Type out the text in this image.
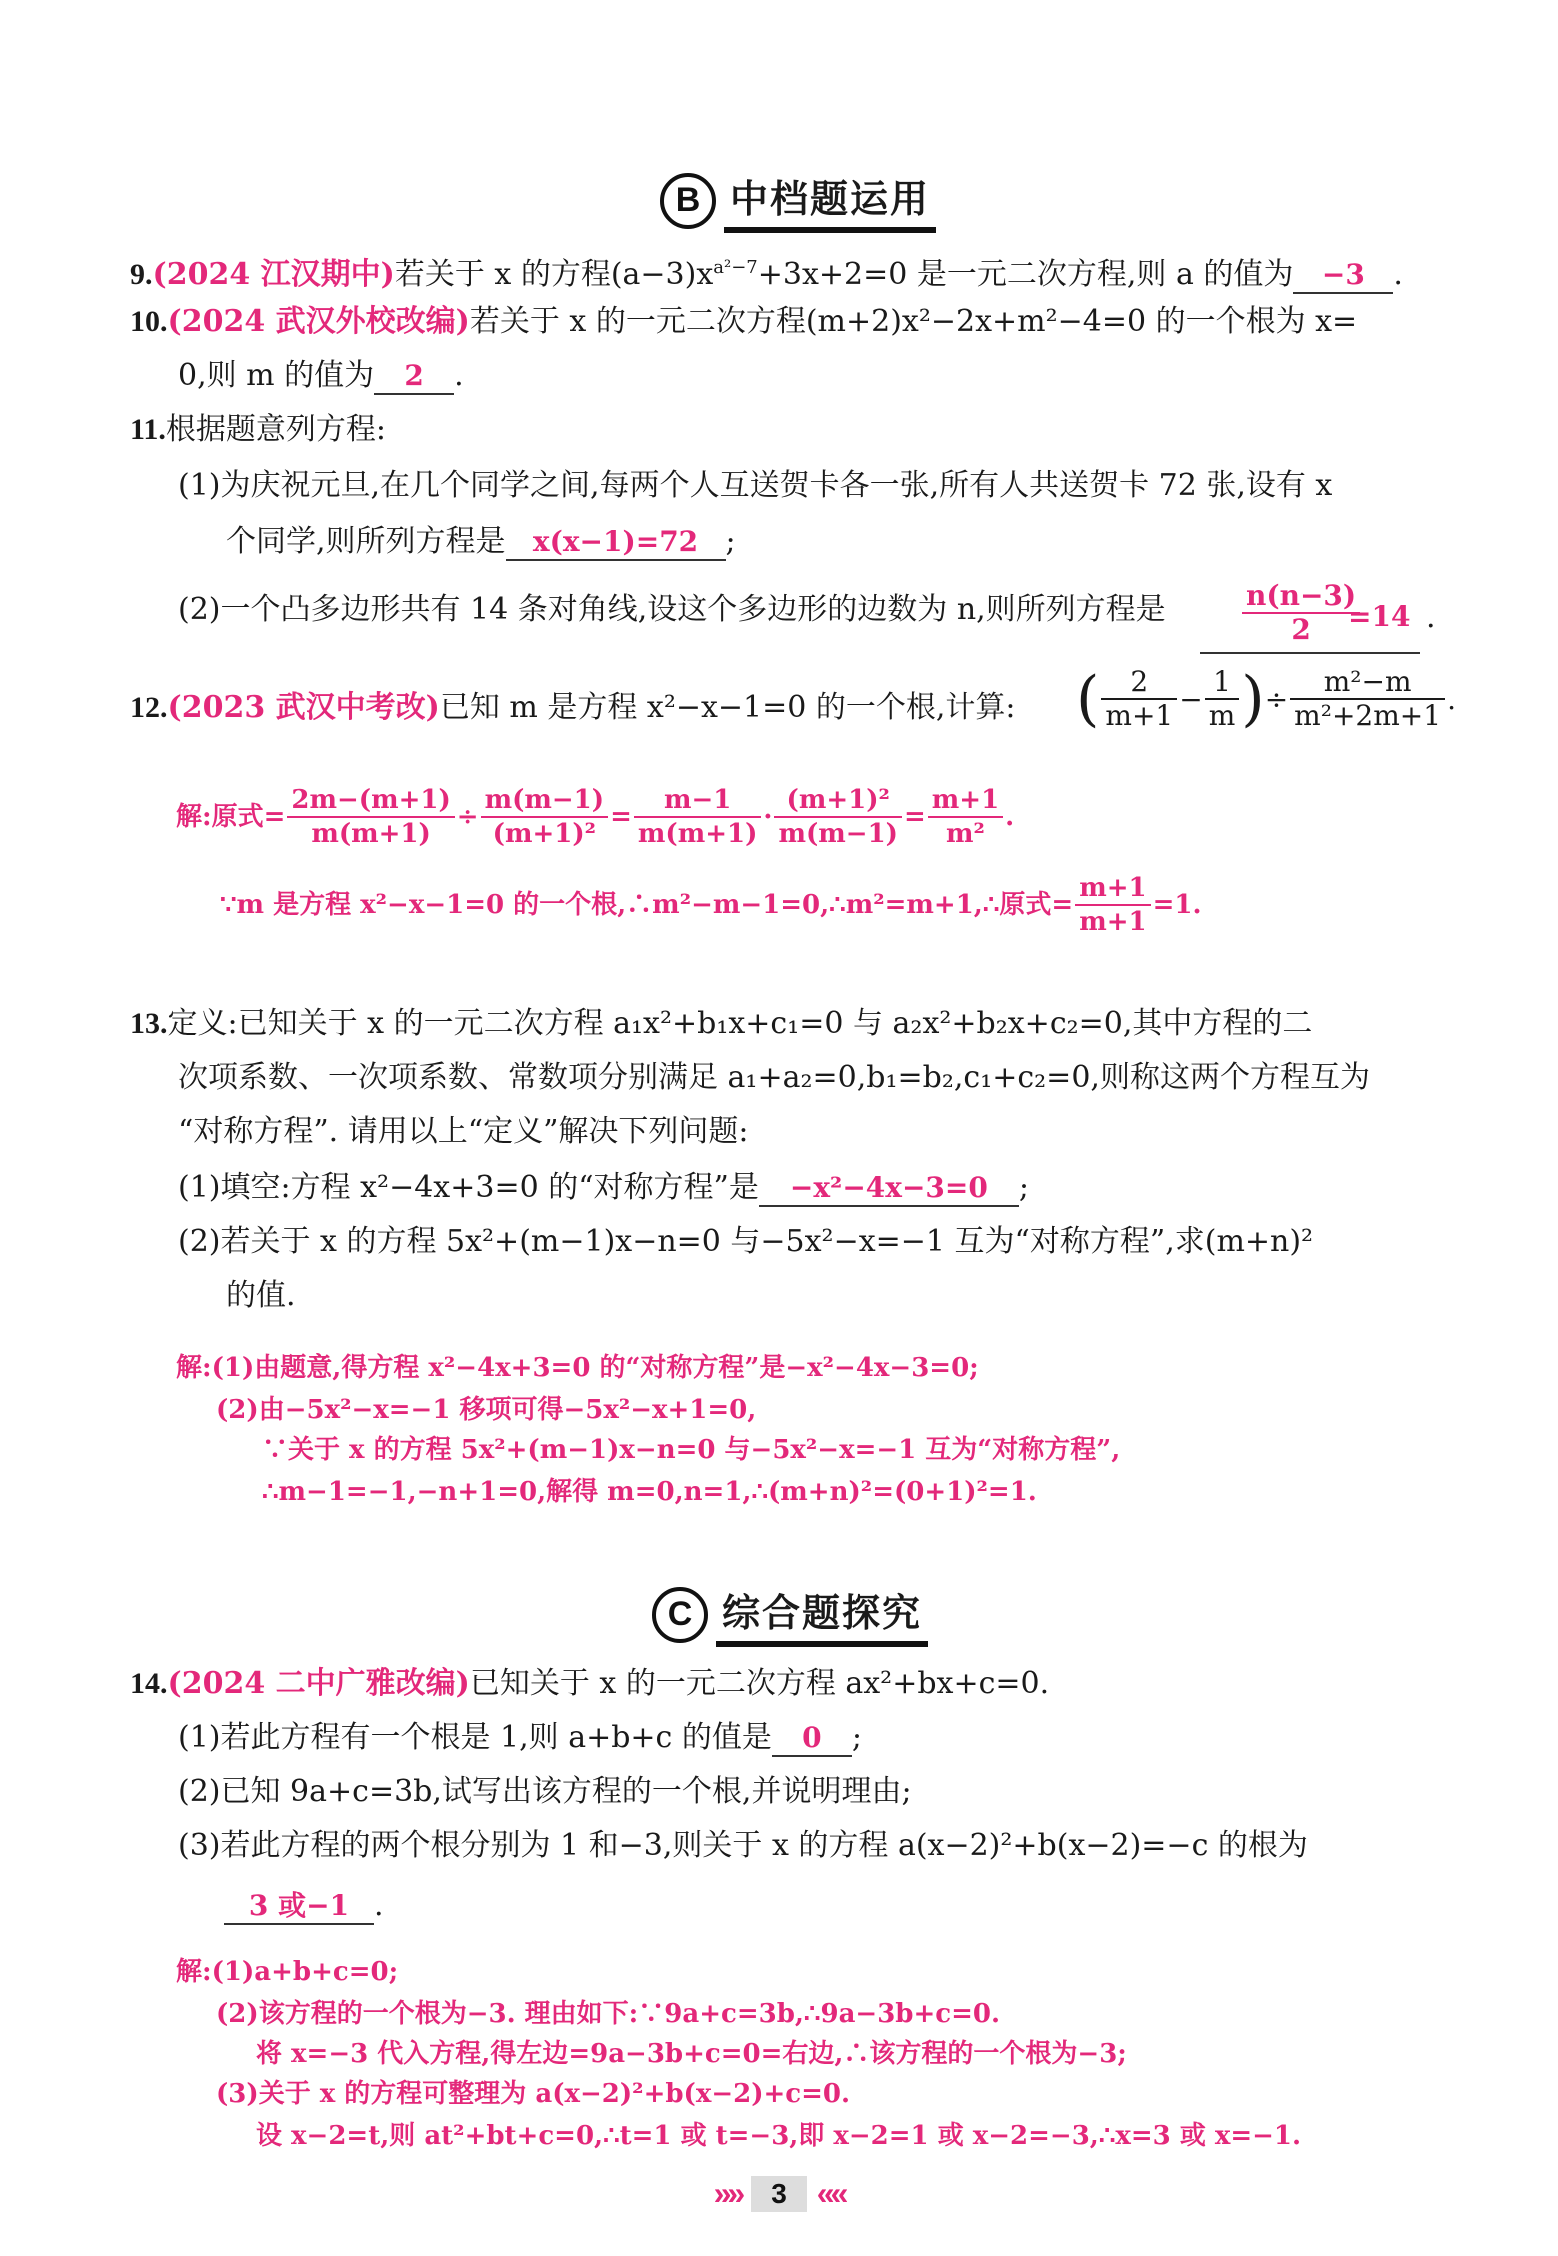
B 中档题运用
9.(2024 江汉期中)若关于 x 的方程$(a-3)x^{a^2-7}+3x+2=0$ 是一元二次方程,则 a 的值为 −3 .
10.(2024 武汉外校改编)若关于 x 的一元二次方程(m+2)x²−2x+m²−4=0 的一个根为 x=
0,则 m 的值为 2 .
11.根据题意列方程:
(1)为庆祝元旦,在几个同学之间,每两个人互送贺卡各一张,所有人共送贺卡 72 张,设有 x
个同学,则所列方程是 x(x−1)=72 ;
(2)一个凸多边形共有 14 条对角线,设这个多边形的边数为 n,则所列方程是	$\frac{n(n-3)}{2}$
=14 .
12.(2023 武汉中考改)已知 m 是方程 x²−x−1=0 的一个根,计算: ( $\frac{2}{m+1} - \frac{1}{m}$ ) ÷ $\frac{\text{m²−m}}{\text{m²+2m+1}}$ .
解:原式= $\frac{2m-(m+1)}{m(m+1)} \div \frac{m(m-1)}{\text{(m+1)²}} = \frac{m-1}{m(m+1)} \cdot \frac{\text{(m+1)²}}{m(m-1)} = \frac{m+1}{\text{m²}}$ .
∵m 是方程 x²−x−1=0 的一个根,∴m²−m−1=0,∴m²=m+1,∴原式= $\frac{m+1}{m+1} =1$.
13.定义:已知关于 x 的一元二次方程 a₁x²+b₁x+c₁=0 与 a₂x²+b₂x+c₂=0,其中方程的二
次项系数、一次项系数、常数项分别满足 a₁+a₂=0,b₁=b₂,c₁+c₂=0,则称这两个方程互为
“对称方程”. 请用以上“定义”解决下列问题:
(1)填空:方程 x²−4x+3=0 的“对称方程”是 −x²−4x−3=0 ;
(2)若关于 x 的方程 5x²+(m−1)x−n=0 与−5x²−x=−1 互为“对称方程”,求(m+n)²
的值.
解:(1)由题意,得方程 x²−4x+3=0 的“对称方程”是−x²−4x−3=0;
(2)由−5x²−x=−1 移项可得−5x²−x+1=0,
∵关于 x 的方程 5x²+(m−1)x−n=0 与−5x²−x=−1 互为“对称方程”,
∴m−1=−1,−n+1=0,解得 m=0,n=1,∴(m+n)²=(0+1)²=1.
C 综合题探究
14.(2024 二中广雅改编)已知关于 x 的一元二次方程 ax²+bx+c=0.
(1)若此方程有一个根是 1,则 a+b+c 的值是 0 ;
(2)已知 9a+c=3b,试写出该方程的一个根,并说明理由;
(3)若此方程的两个根分别为 1 和−3,则关于 x 的方程 a(x−2)²+b(x−2)=−c 的根为
3 或−1 .
解:(1)a+b+c=0;
(2)该方程的一个根为−3. 理由如下:∵9a+c=3b,∴9a−3b+c=0.
将 x=−3 代入方程,得左边=9a−3b+c=0=右边,∴该方程的一个根为−3;
(3)关于 x 的方程可整理为 a(x−2)²+b(x−2)+c=0.
设 x−2=t,则 at²+bt+c=0,∴t=1 或 t=−3,即 x−2=1 或 x−2=−3,∴x=3 或 x=−1.
»»	3 ««
